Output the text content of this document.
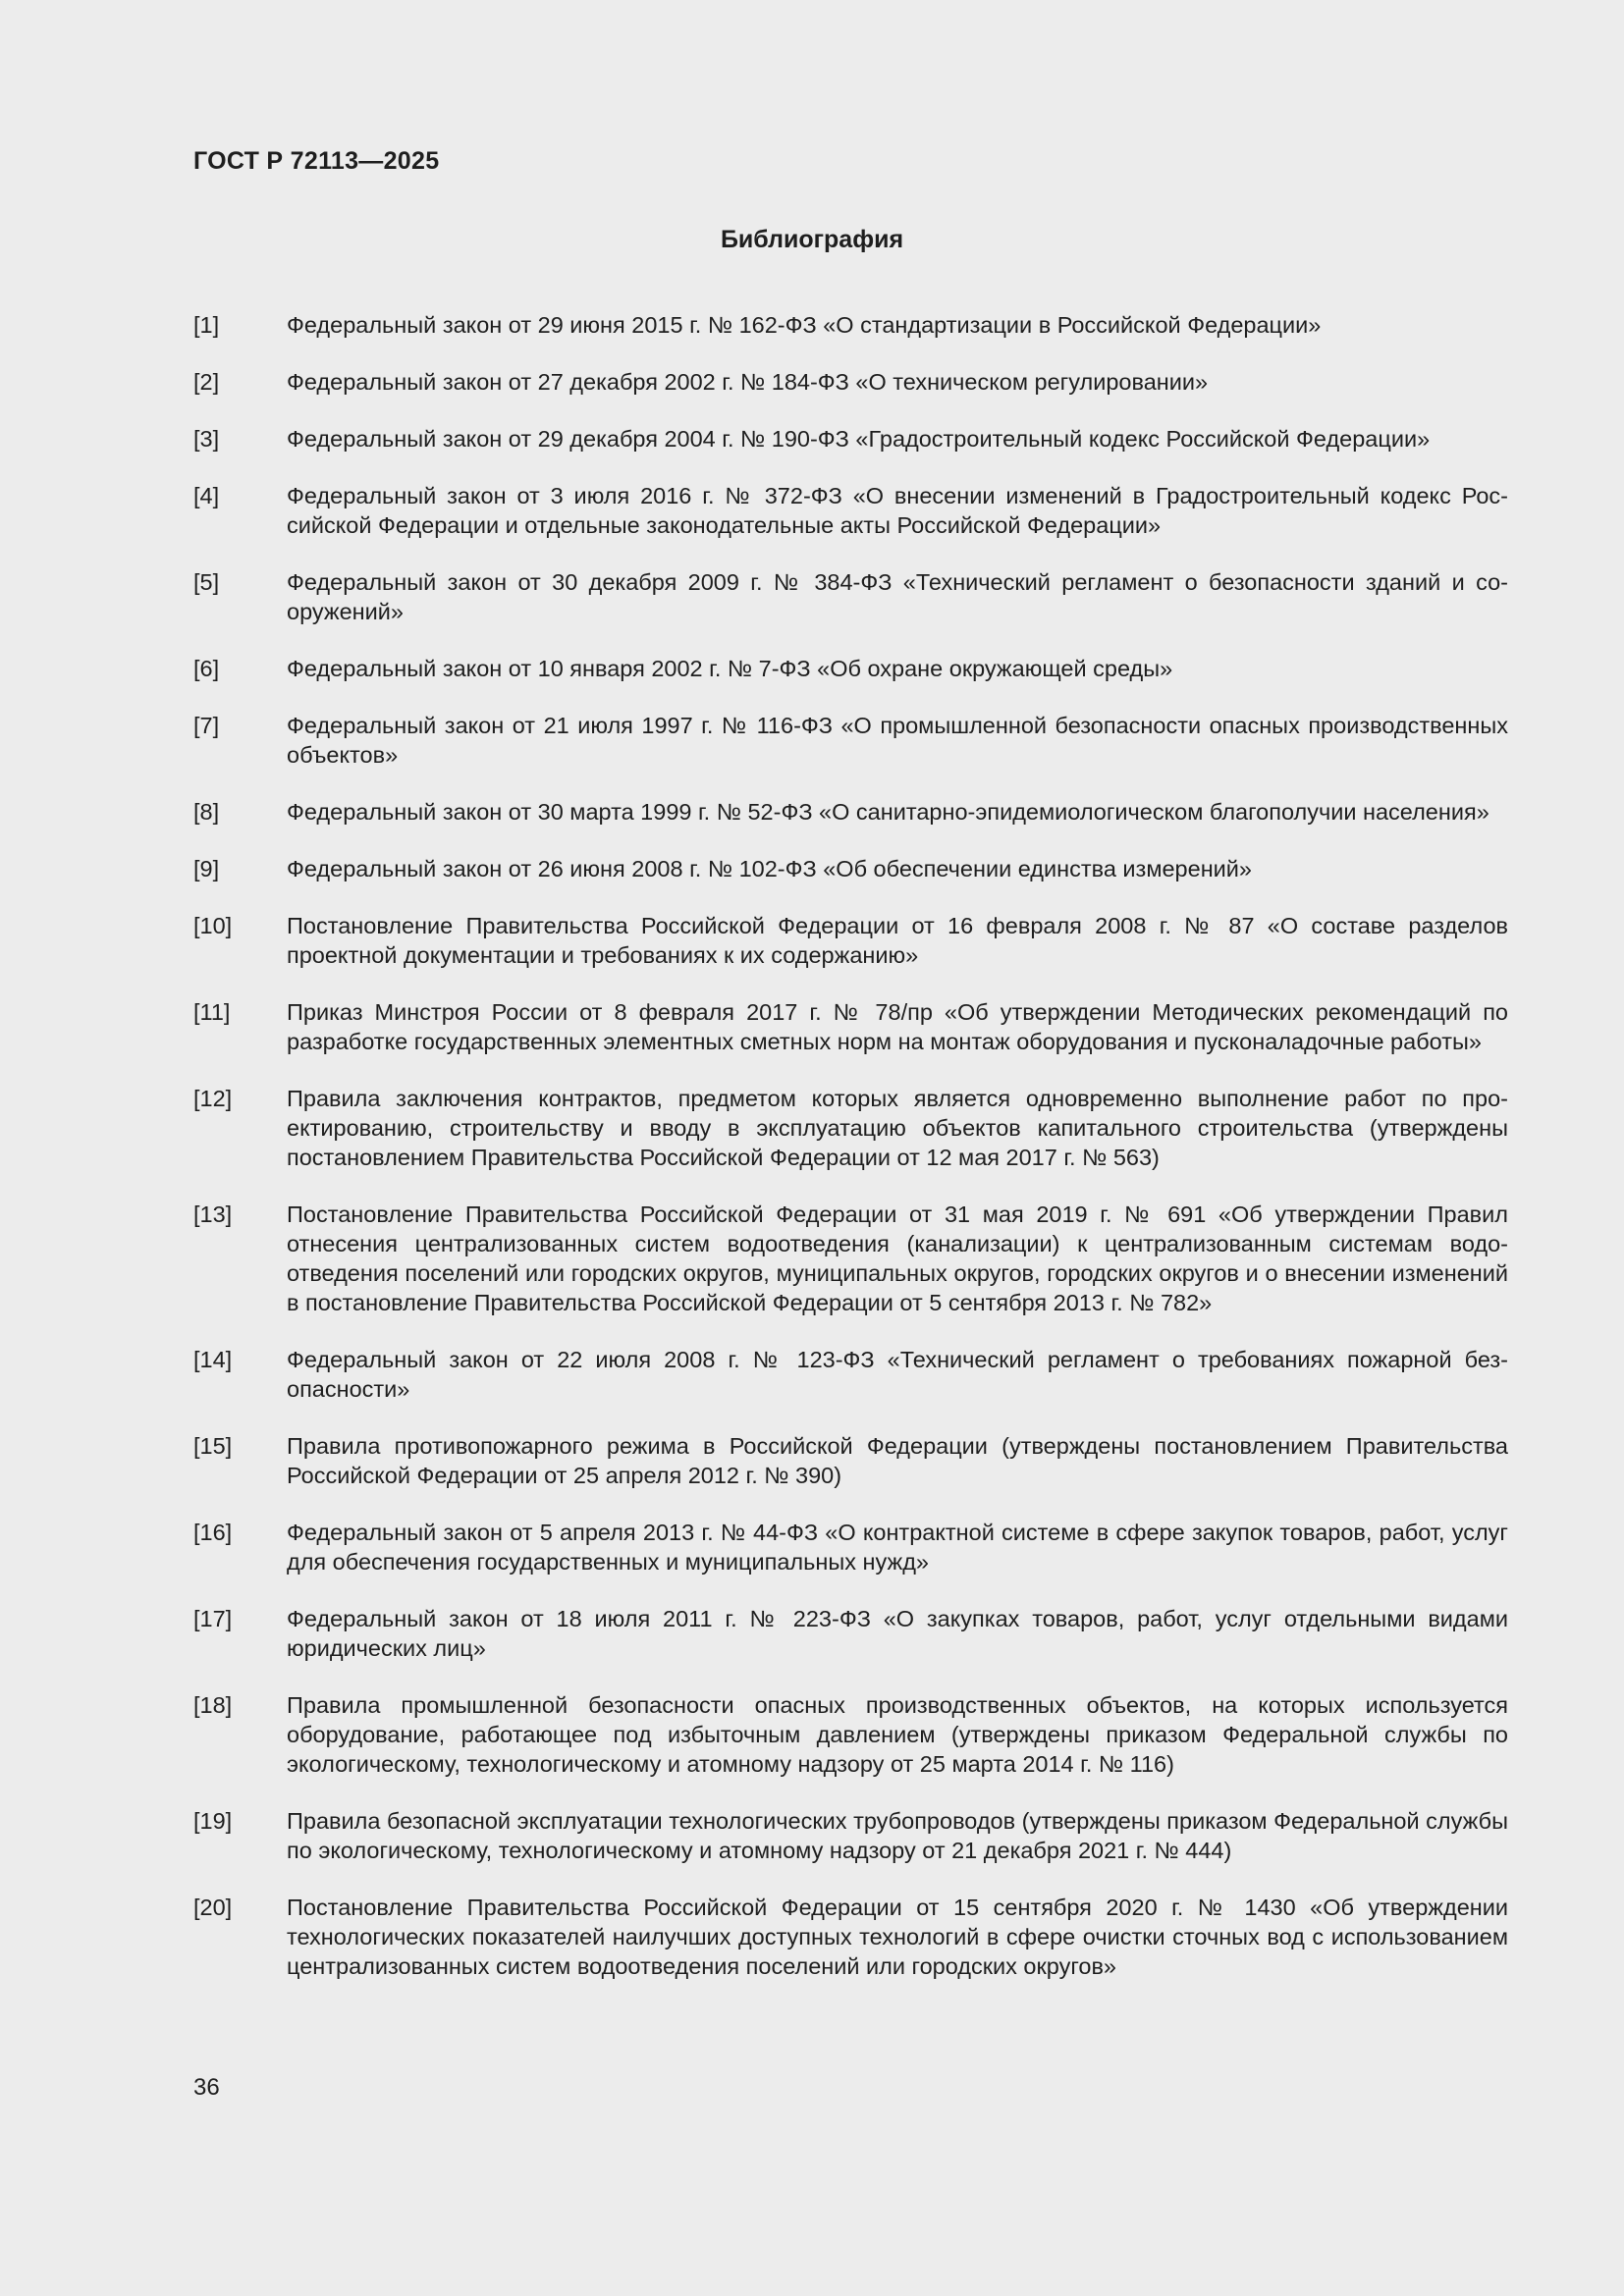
ГОСТ Р 72113—2025
Библиография
[1]	Федеральный закон от 29 июня 2015 г. № 162-ФЗ «О стандартизации в Российской Федерации»
[2]	Федеральный закон от 27 декабря 2002 г. № 184-ФЗ «О техническом регулировании»
[3]	Федеральный закон от 29 декабря 2004 г. № 190-ФЗ «Градостроительный кодекс Российской Федерации»
[4]	Федеральный закон от 3 июля 2016 г. № 372-ФЗ «О внесении изменений в Градостроительный кодекс Российской Федерации и отдельные законодательные акты Российской Федерации»
[5]	Федеральный закон от 30 декабря 2009 г. № 384-ФЗ «Технический регламент о безопасности зданий и сооружений»
[6]	Федеральный закон от 10 января 2002 г. № 7-ФЗ «Об охране окружающей среды»
[7]	Федеральный закон от 21 июля 1997 г. № 116-ФЗ «О промышленной безопасности опасных производственных объектов»
[8]	Федеральный закон от 30 марта 1999 г. № 52-ФЗ «О санитарно-эпидемиологическом благополучии населения»
[9]	Федеральный закон от 26 июня 2008 г. № 102-ФЗ «Об обеспечении единства измерений»
[10]	Постановление Правительства Российской Федерации от 16 февраля 2008 г. № 87 «О составе разделов проектной документации и требованиях к их содержанию»
[11]	Приказ Минстроя России от 8 февраля 2017 г. № 78/пр «Об утверждении Методических рекомендаций по разработке государственных элементных сметных норм на монтаж оборудования и пусконаладочные работы»
[12]	Правила заключения контрактов, предметом которых является одновременно выполнение работ по проектированию, строительству и вводу в эксплуатацию объектов капитального строительства (утверждены постановлением Правительства Российской Федерации от 12 мая 2017 г. № 563)
[13]	Постановление Правительства Российской Федерации от 31 мая 2019 г. № 691 «Об утверждении Правил отнесения централизованных систем водоотведения (канализации) к централизованным системам водоотведения поселений или городских округов, муниципальных округов, городских округов и о внесении изменений в постановление Правительства Российской Федерации от 5 сентября 2013 г. № 782»
[14]	Федеральный закон от 22 июля 2008 г. № 123-ФЗ «Технический регламент о требованиях пожарной безопасности»
[15]	Правила противопожарного режима в Российской Федерации (утверждены постановлением Правительства Российской Федерации от 25 апреля 2012 г. № 390)
[16]	Федеральный закон от 5 апреля 2013 г. № 44-ФЗ «О контрактной системе в сфере закупок товаров, работ, услуг для обеспечения государственных и муниципальных нужд»
[17]	Федеральный закон от 18 июля 2011 г. № 223-ФЗ «О закупках товаров, работ, услуг отдельными видами юридических лиц»
[18]	Правила промышленной безопасности опасных производственных объектов, на которых используется оборудование, работающее под избыточным давлением (утверждены приказом Федеральной службы по экологическому, технологическому и атомному надзору от 25 марта 2014 г. № 116)
[19]	Правила безопасной эксплуатации технологических трубопроводов (утверждены приказом Федеральной службы по экологическому, технологическому и атомному надзору от 21 декабря 2021 г. № 444)
[20]	Постановление Правительства Российской Федерации от 15 сентября 2020 г. № 1430 «Об утверждении технологических показателей наилучших доступных технологий в сфере очистки сточных вод с использованием централизованных систем водоотведения поселений или городских округов»
36
